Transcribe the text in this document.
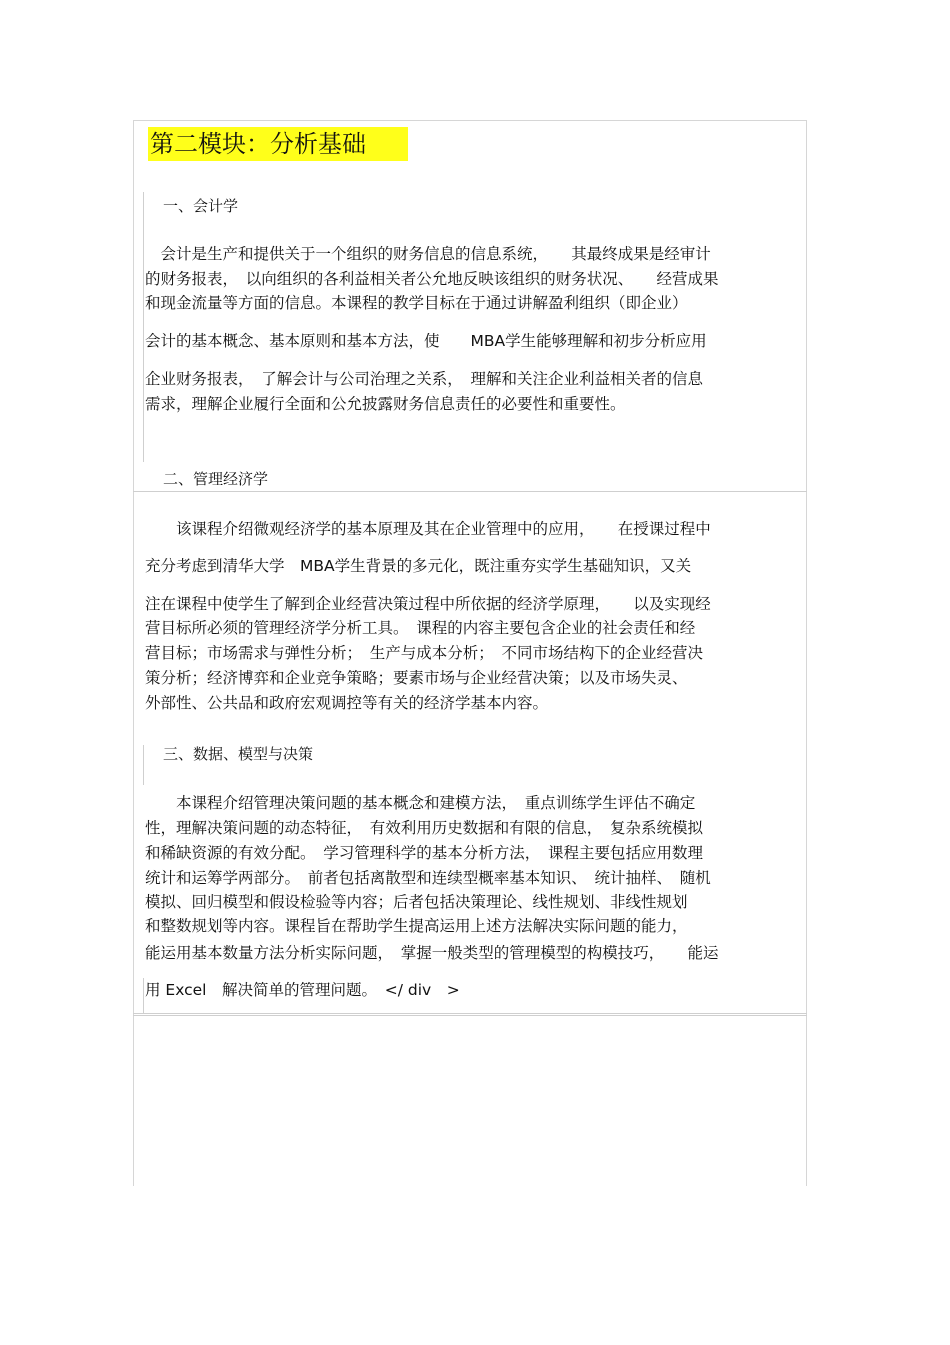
第二模块：分析基础
一、会计学
　会计是生产和提供关于一个组织的财务信息的信息系统，　　其最终成果是经审计
的财务报表，　以向组织的各利益相关者公允地反映该组织的财务状况、　　经营成果
和现金流量等方面的信息。本课程的教学目标在于通过讲解盈利组织（即企业）
会计的基本概念、基本原则和基本方法，使　　MBA学生能够理解和初步分析应用
企业财务报表，　了解会计与公司治理之关系，　理解和关注企业利益相关者的信息
需求，理解企业履行全面和公允披露财务信息责任的必要性和重要性。
二、管理经济学
　　该课程介绍微观经济学的基本原理及其在企业管理中的应用，　　在授课过程中
充分考虑到清华大学　MBA学生背景的多元化，既注重夯实学生基础知识，又关
注在课程中使学生了解到企业经营决策过程中所依据的经济学原理，　　以及实现经
营目标所必须的管理经济学分析工具。　课程的内容主要包含企业的社会责任和经
营目标；市场需求与弹性分析；　生产与成本分析；　不同市场结构下的企业经营决
策分析；经济博弈和企业竞争策略；要素市场与企业经营决策；以及市场失灵、
外部性、公共品和政府宏观调控等有关的经济学基本内容。
三、数据、模型与决策
　　本课程介绍管理决策问题的基本概念和建模方法，　重点训练学生评估不确定
性，理解决策问题的动态特征，　有效利用历史数据和有限的信息，　复杂系统模拟
和稀缺资源的有效分配。　学习管理科学的基本分析方法，　课程主要包括应用数理
统计和运筹学两部分。　前者包括离散型和连续型概率基本知识、　统计抽样、　随机
模拟、回归模型和假设检验等内容；后者包括决策理论、线性规划、非线性规划
和整数规划等内容。课程旨在帮助学生提高运用上述方法解决实际问题的能力，
能运用基本数量方法分析实际问题，　掌握一般类型的管理模型的构模技巧，　　能运
用 Excel　解决简单的管理问题。　</ div　>
